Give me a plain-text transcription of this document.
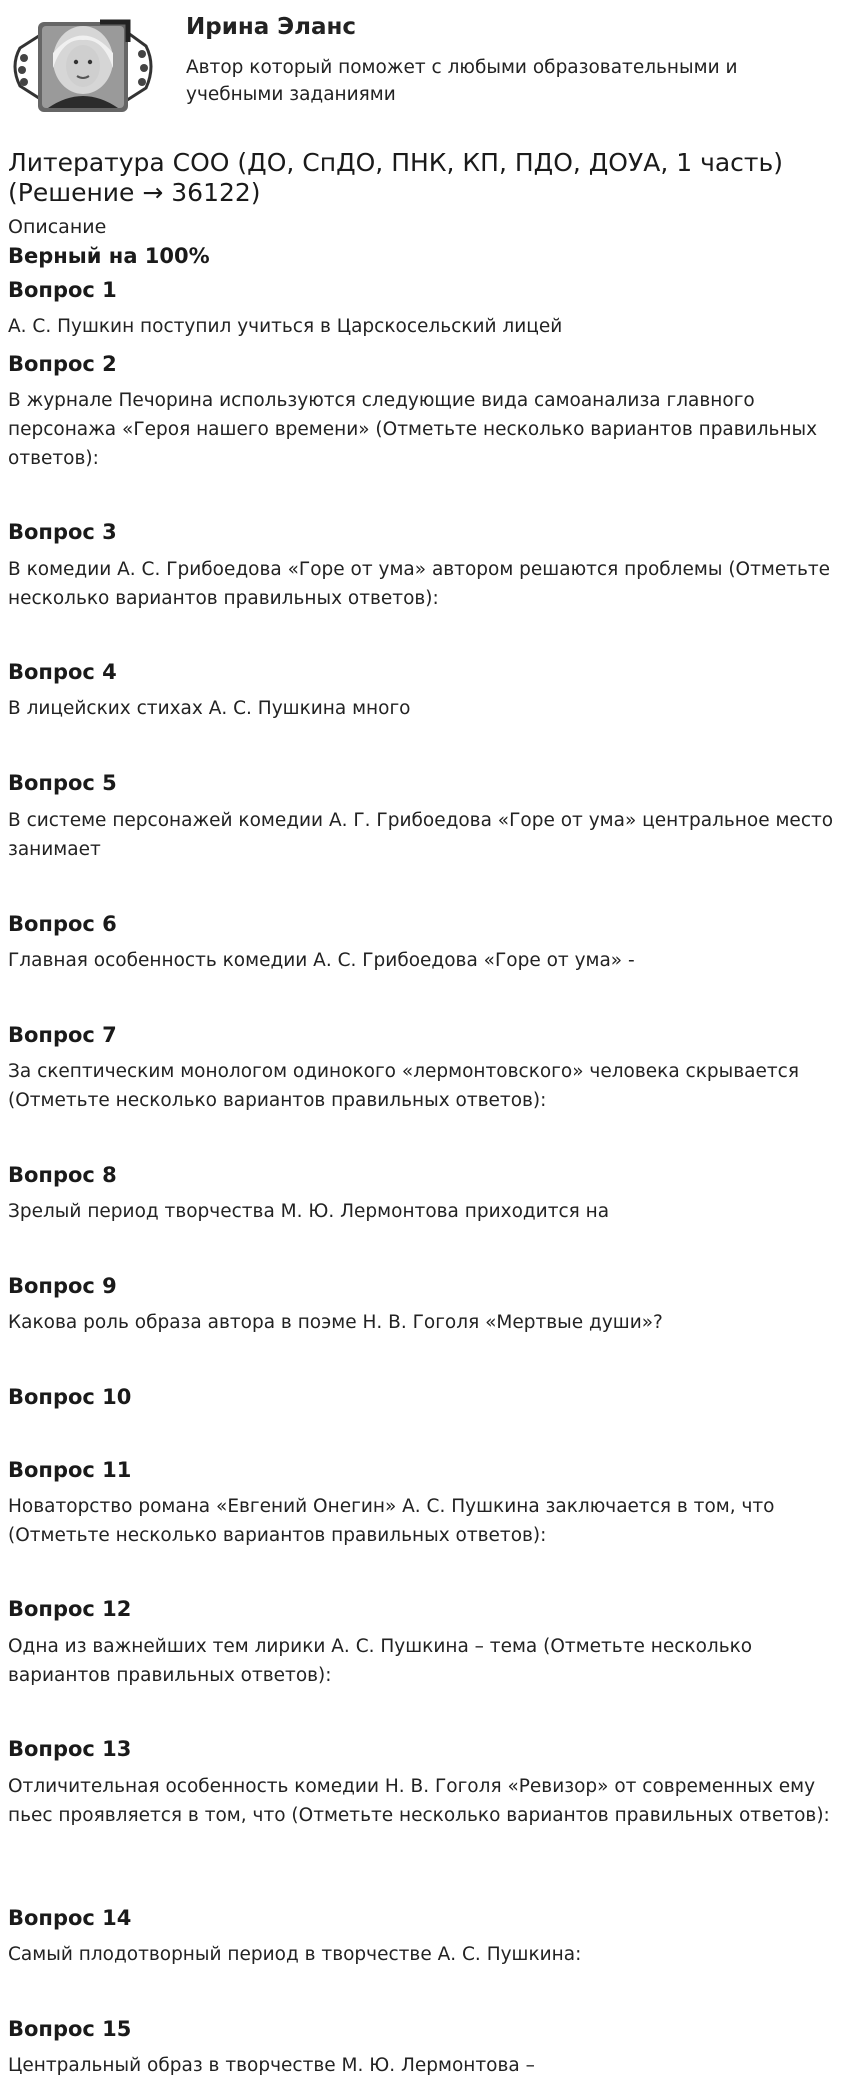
Ирина Эланс
Автор который поможет с любыми образовательными и учебными заданиями
Литература СОО (ДО, СпДО, ПНК, КП, ПДО, ДОУА, 1 часть) (Решение → 36122)
Описание
Верный на 100%
Вопрос 1
А. С. Пушкин поступил учиться в Царскосельский лицей
Вопрос 2
В журнале Печорина используются следующие вида самоанализа главного персонажа «Героя нашего времени» (Отметьте несколько вариантов правильных ответов):
Вопрос 3
В комедии А. С. Грибоедова «Горе от ума» автором решаются проблемы (Отметьте несколько вариантов правильных ответов):
Вопрос 4
В лицейских стихах А. С. Пушкина много
Вопрос 5
В системе персонажей комедии А. Г. Грибоедова «Горе от ума» центральное место занимает
Вопрос 6
Главная особенность комедии А. С. Грибоедова «Горе от ума» -
Вопрос 7
За скептическим монологом одинокого «лермонтовского» человека скрывается (Отметьте несколько вариантов правильных ответов):
Вопрос 8
Зрелый период творчества М. Ю. Лермонтова приходится на
Вопрос 9
Какова роль образа автора в поэме Н. В. Гоголя «Мертвые души»?
Вопрос 10
Вопрос 11
Новаторство романа «Евгений Онегин» А. С. Пушкина заключается в том, что (Отметьте несколько вариантов правильных ответов):
Вопрос 12
Одна из важнейших тем лирики А. С. Пушкина – тема (Отметьте несколько вариантов правильных ответов):
Вопрос 13
Отличительная особенность комедии Н. В. Гоголя «Ревизор» от современных ему пьес проявляется в том, что (Отметьте несколько вариантов правильных ответов):
Вопрос 14
Самый плодотворный период в творчестве А. С. Пушкина:
Вопрос 15
Центральный образ в творчестве М. Ю. Лермонтова –
